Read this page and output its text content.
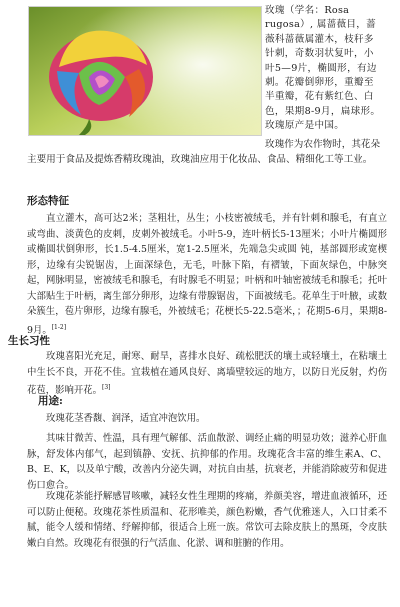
玫瑰（学名：Rosa rugosa）, 属蔷薇目，蔷薇科蔷薇属灌木，枝秆多针刺，奇数羽状复叶，小叶5—9片，椭圆形，有边刺。花瓣倒卵形，重瓣至半重瓣，花有紫红色、白色，果期8-9月，扁球形。玫瑰原产是中国。
玫瑰作为农作物时，其花朵主要用于食品及提炼香精玫瑰油，玫瑰油应用于化妆品、食品、精细化工等工业。
形态特征
直立灌木，高可达2米；茎粗壮，丛生；小枝密被绒毛，并有针刺和腺毛，有直立或弯曲、淡黄色的皮刺，皮刺外被绒毛。小叶5-9，连叶柄长5-13厘米；小叶片椭圆形或椭圆状倒卵形，长1.5-4.5厘米，宽1-2.5厘米，先端急尖或圆 钝，基部圆形或宽楔形，边缘有尖锐锯齿，上面深绿色，无毛，叶脉下陷，有褶皱，下面灰绿色，中脉突起，网脉明显，密被绒毛和腺毛，有时腺毛不明显；叶柄和叶轴密被绒毛和腺毛；托叶大部贴生于叶柄，离生部分卵形，边缘有带腺锯齿，下面被绒毛。花单生于叶腋，或数朵簇生，苞片卵形，边缘有腺毛，外被绒毛；花梗长5-22.5毫米，；花期5-6月，果期8-9月。[1-2]
生长习性
玫瑰喜阳光充足，耐寒、耐旱，喜排水良好、疏松肥沃的壤土或轻壤土，在粘壤土中生长不良，开花不佳。宜栽植在通风良好、离墙壁较远的地方，以防日光反射，灼伤花苞，影响开花。[3]
用途:
玫瑰花茎香馥、润泽，适宜冲泡饮用。
其味甘微苦、性温，具有理气解郁、活血散淤、调经止痛的明显功效；滋养心肝血脉，舒发体内郁气，起到镇静、安抚、抗抑郁的作用。玫瑰花含丰富的维生素A、C、B、E、K，以及单宁酸，改善内分泌失调，对抗自由基，抗衰老，并能消除疲劳和促进伤口愈合。
玫瑰花茶能抒解感冒咳嗽，减轻女性生理期的疼痛，养颜美容，增进血液循环，还可以防止便秘。玫瑰花茶性质温和、花形唯美，颜色粉嫩，香气优雅迷人，入口甘柔不腻，能令人缓和情绪、纾解抑郁，很适合上班一族。常饮可去除皮肤上的黑斑，令皮肤嫩白自然。玫瑰花有很强的行气活血、化淤、调和脏腑的作用。
